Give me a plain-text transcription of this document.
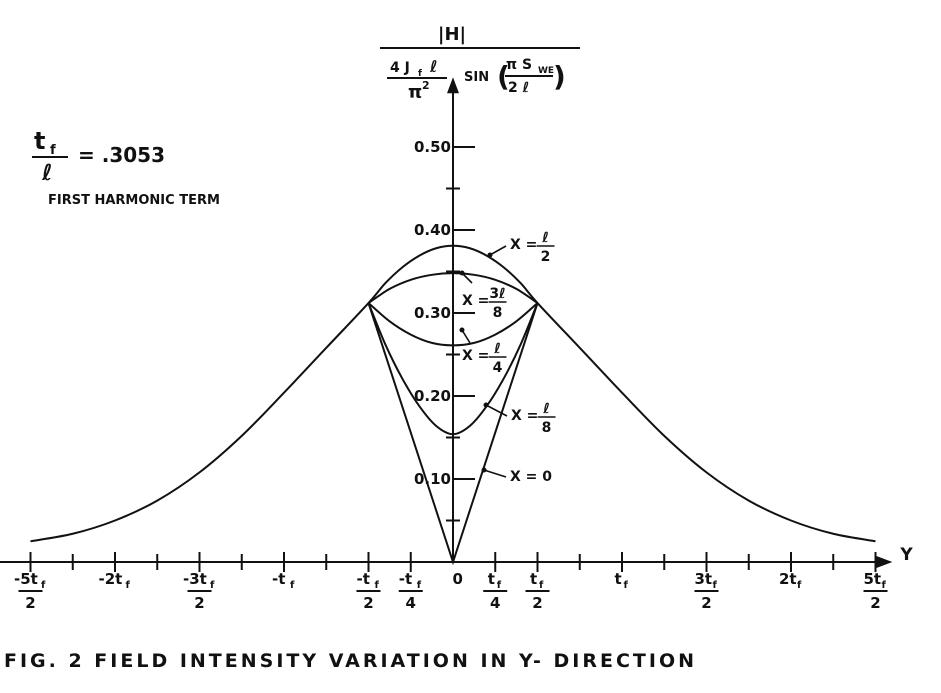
Y
0.10
0.20
0.30
0.40
0.50
-5t f
2
-2t f	-3t f
2
-t f	-t f
2
-t f
4
0 t f
4
t f
2
t f	3t f
2
2t f	5t f
2
X = ℓ
2
X = 3ℓ
8
X = ℓ
4
X = ℓ
8
X = 0
|H|
4 J f ℓ
π 2
SIN (
π S WE
2 ℓ )
t f
ℓ
= .3053
FIRST HARMONIC TERM
FIG. 2 FIELD INTENSITY VARIATION IN Y- DIRECTION
